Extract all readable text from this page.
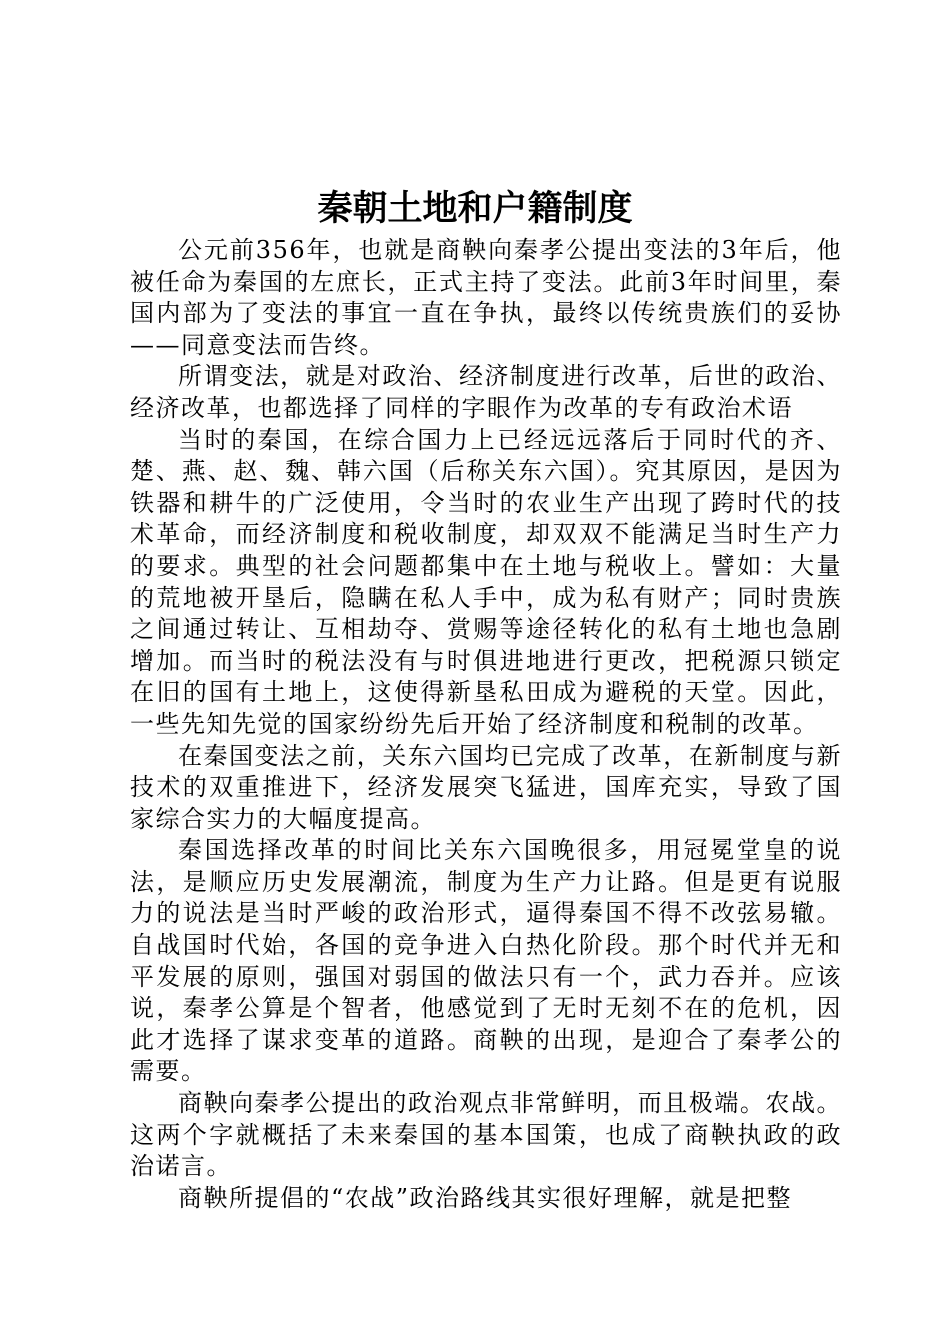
秦朝土地和户籍制度

公元前356年，也就是商鞅向秦孝公提出变法的3年后，他被任命为秦国的左庶长，正式主持了变法。此前3年时间里，秦国内部为了变法的事宜一直在争执，最终以传统贵族们的妥协——同意变法而告终。

所谓变法，就是对政治、经济制度进行改革，后世的政治、经济改革，也都选择了同样的字眼作为改革的专有政治术语

当时的秦国，在综合国力上已经远远落后于同时代的齐、楚、燕、赵、魏、韩六国（后称关东六国）。究其原因，是因为铁器和耕牛的广泛使用，令当时的农业生产出现了跨时代的技术革命，而经济制度和税收制度，却双双不能满足当时生产力的要求。典型的社会问题都集中在土地与税收上。譬如：大量的荒地被开垦后，隐瞒在私人手中，成为私有财产；同时贵族之间通过转让、互相劫夺、赏赐等途径转化的私有土地也急剧增加。而当时的税法没有与时俱进地进行更改，把税源只锁定在旧的国有土地上，这使得新垦私田成为避税的天堂。因此，一些先知先觉的国家纷纷先后开始了经济制度和税制的改革。

在秦国变法之前，关东六国均已完成了改革，在新制度与新技术的双重推进下，经济发展突飞猛进，国库充实，导致了国家综合实力的大幅度提高。

秦国选择改革的时间比关东六国晚很多，用冠冕堂皇的说法，是顺应历史发展潮流，制度为生产力让路。但是更有说服力的说法是当时严峻的政治形式，逼得秦国不得不改弦易辙。自战国时代始，各国的竞争进入白热化阶段。那个时代并无和平发展的原则，强国对弱国的做法只有一个，武力吞并。应该说，秦孝公算是个智者，他感觉到了无时无刻不在的危机，因此才选择了谋求变革的道路。商鞅的出现，是迎合了秦孝公的需要。

商鞅向秦孝公提出的政治观点非常鲜明，而且极端。农战。这两个字就概括了未来秦国的基本国策，也成了商鞅执政的政治诺言。

商鞅所提倡的“农战”政治路线其实很好理解，就是把整
